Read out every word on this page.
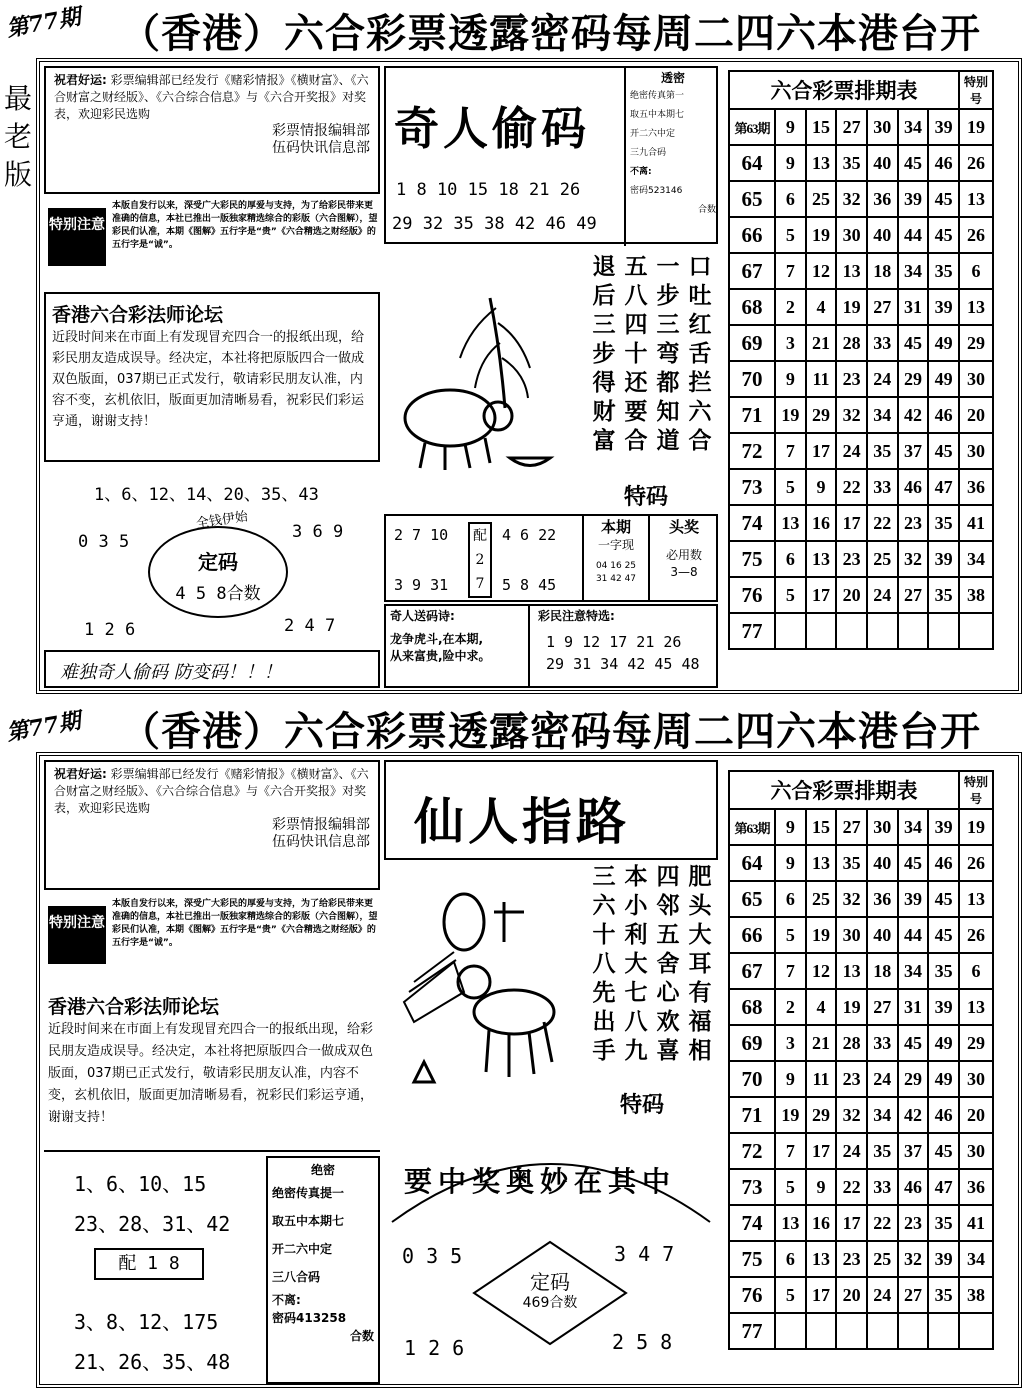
第77期 （香港）六合彩票透露密码每周二四六本港台开
最
老
版
祝君好运: 彩票编辑部已经发行《赌彩情报》《横财富》、《六合财富之财经版》、《六合综合信息》与《六合开奖报》对奖表，欢迎彩民选购
彩票情报编辑部
伍码快讯信息部
特别注意
本版自发行以来，深受广大彩民的厚爱与支持，为了给彩民带来更准确的信息，本社已推出一版独家精选综合的彩版（六合图解），望彩民们认准，本期《图解》五行字是“贵”《六合精选之财经版》的五行字是“诚”。
香港六合彩法师论坛
近段时间来在市面上有发现冒充四合一的报纸出现，给彩民朋友造成误导。经决定，本社将把原版四合一做成双色版面，037期已正式发行，敬请彩民朋友认准，内容不变，玄机依旧，版面更加清晰易看，祝彩民们彩运亨通，谢谢支持！
1、6、12、14、20、35、43
0 3 5	3 6 9
1 2 6	2 4 7
全钱伊始
定码
4 5 8合数
难独奇人偷码 防变码！！！
奇人偷码
1 8 10 15 18 21 26
29 32 35 38 42 46 49
透密
绝密传真第一
取五中本期七
开二六中定
三九合码
不离:
密码523146
合数
退后三步得财富
五八四十还要合
一步三弯都知道
口吐红舌拦六合
特码
2 7 10
3 9 31
配
2
7
4 6 22
5 8 45
本期
一字现
04 16 25
31 42 47
头奖
必用数
3—8
奇人送码诗:
龙争虎斗,在本期,
从来富贵,险中求。
彩民注意特选:
1 9 12 17 21 26
29 31 34 42 45 48
六合彩票排期表							特别号
第63期	9	15	27	30	34	39	19
64	9	13	35	40	45	46	26
65	6	25	32	36	39	45	13
66	5	19	30	40	44	45	26
67	7	12	13	18	34	35	6
68	2	4	19	27	31	39	13
69	3	21	28	33	45	49	29
70	9	11	23	24	29	49	30
71	19	29	32	34	42	46	20
72	7	17	24	35	37	45	30
73	5	9	22	33	46	47	36
74	13	16	17	22	23	35	41
75	6	13	23	25	32	39	34
76	5	17	20	24	27	35	38
77							
第77期 （香港）六合彩票透露密码每周二四六本港台开
祝君好运: 彩票编辑部已经发行《赌彩情报》《横财富》、《六合财富之财经版》、《六合综合信息》与《六合开奖报》对奖表，欢迎彩民选购
彩票情报编辑部
伍码快讯信息部
特别注意
本版自发行以来，深受广大彩民的厚爱与支持，为了给彩民带来更准确的信息，本社已推出一版独家精选综合的彩版（六合图解），望彩民们认准，本期《图解》五行字是“贵”《六合精选之财经版》的五行字是“诚”。
香港六合彩法师论坛
近段时间来在市面上有发现冒充四合一的报纸出现，给彩民朋友造成误导。经决定，本社将把原版四合一做成双色版面，037期已正式发行，敬请彩民朋友认准，内容不变，玄机依旧，版面更加清晰易看，祝彩民们彩运亨通，谢谢支持！
1、6、10、15
23、28、31、42
配 1 8
3、8、12、175
21、26、35、48
绝密
绝密传真提一
取五中本期七
开二六中定
三八合码
不离:
密码413258
合数
仙人指路
三六十八先出手
本小利大七八九
四邻五舍心欢喜
肥头大耳有福相
特码
要中奖奥妙在其中
0 3 5	3 4 7
1 2 6	2 5 8
定码
469合数
六合彩票排期表							特别号
第63期	9	15	27	30	34	39	19
64	9	13	35	40	45	46	26
65	6	25	32	36	39	45	13
66	5	19	30	40	44	45	26
67	7	12	13	18	34	35	6
68	2	4	19	27	31	39	13
69	3	21	28	33	45	49	29
70	9	11	23	24	29	49	30
71	19	29	32	34	42	46	20
72	7	17	24	35	37	45	30
73	5	9	22	33	46	47	36
74	13	16	17	22	23	35	41
75	6	13	23	25	32	39	34
76	5	17	20	24	27	35	38
77							
